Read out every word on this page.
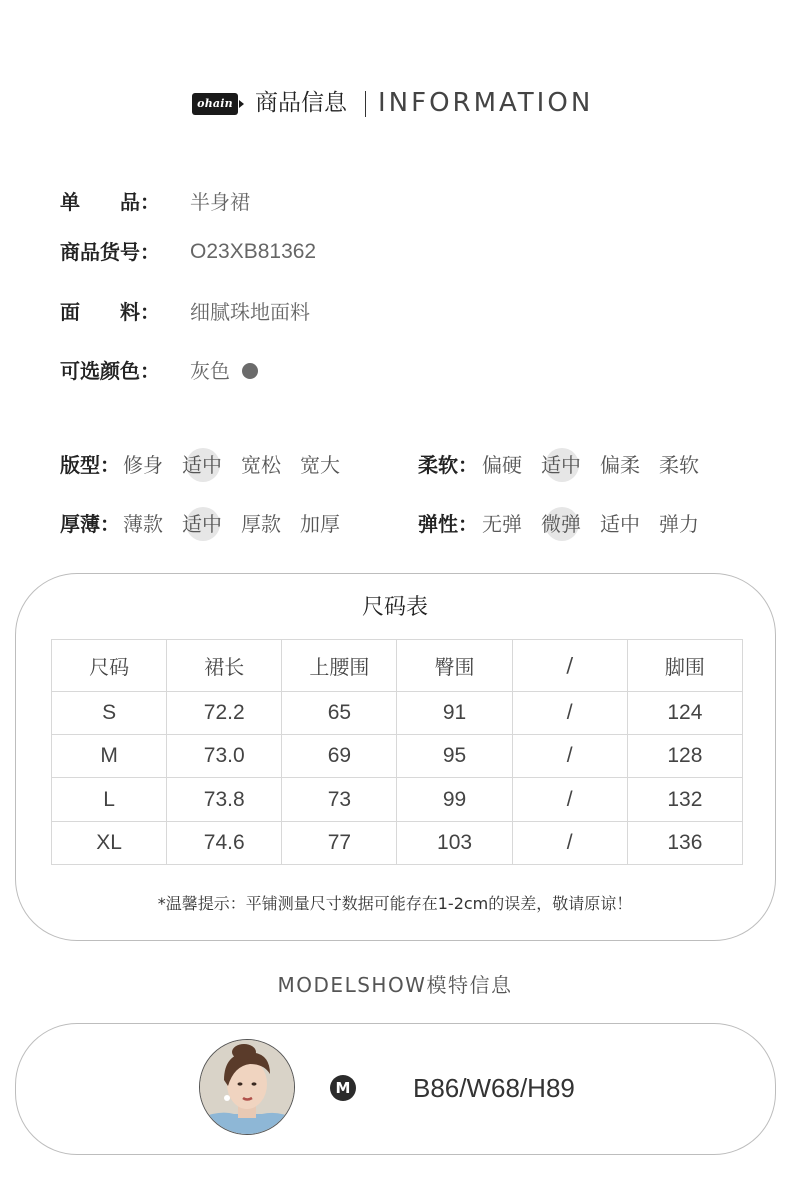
ohain 商品信息 INFORMATION
单　　品： 半身裙
商品货号： O23XB81362
面　　料： 细腻珠地面料
可选颜色： 灰色
版型： 修身 适中 宽松 宽大	柔软： 偏硬 适中 偏柔 柔软
厚薄： 薄款 适中 厚款 加厚	弹性： 无弹 微弹 适中 弹力
尺码表
尺码	裙长	上腰围	臀围	/	脚围
S	72.2	65	91	/	124
M	73.0	69	95	/	128
L	73.8	73	99	/	132
XL	74.6	77	103	/	136
*温馨提示：平铺测量尺寸数据可能存在1-2cm的误差，敬请原谅！
MODELSHOW模特信息
M B86/W68/H89
